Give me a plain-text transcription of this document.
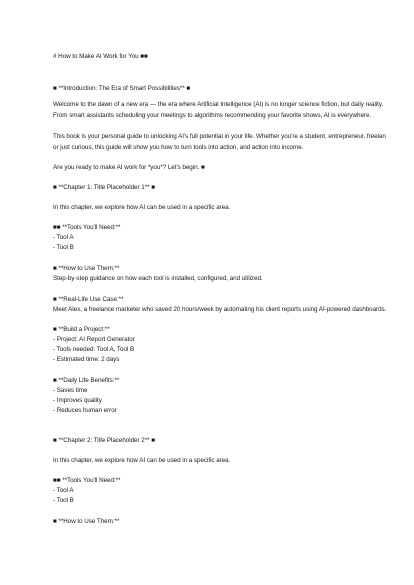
# How to Make AI Work for You ■■
■ **Introduction: The Era of Smart Possibilities** ■
Welcome to the dawn of a new era — the era where Artificial Intelligence (AI) is no longer science fiction, but daily reality.
From smart assistants scheduling your meetings to algorithms recommending your favorite shows, AI is everywhere.
This book is your personal guide to unlocking AI's full potential in your life. Whether you're a student, entrepreneur, freelan
or just curious, this guide will show you how to turn tools into action, and action into income.
Are you ready to make AI work for *you*? Let's begin. ■
■ **Chapter 1: Title Placeholder 1** ■
In this chapter, we explore how AI can be used in a specific area.
■■ **Tools You'll Need:**
- Tool A
- Tool B
■ **How to Use Them:**
Step-by-step guidance on how each tool is installed, configured, and utilized.
■ **Real-Life Use Case:**
Meet Alex, a freelance marketer who saved 20 hours/week by automating his client reports using AI-powered dashboards.
■ **Build a Project:**
- Project: AI Report Generator
- Tools needed: Tool A, Tool B
- Estimated time: 2 days
■ **Daily Life Benefits:**
- Saves time
- Improves quality
- Reduces human error
■ **Chapter 2: Title Placeholder 2** ■
In this chapter, we explore how AI can be used in a specific area.
■■ **Tools You'll Need:**
- Tool A
- Tool B
■ **How to Use Them:**
